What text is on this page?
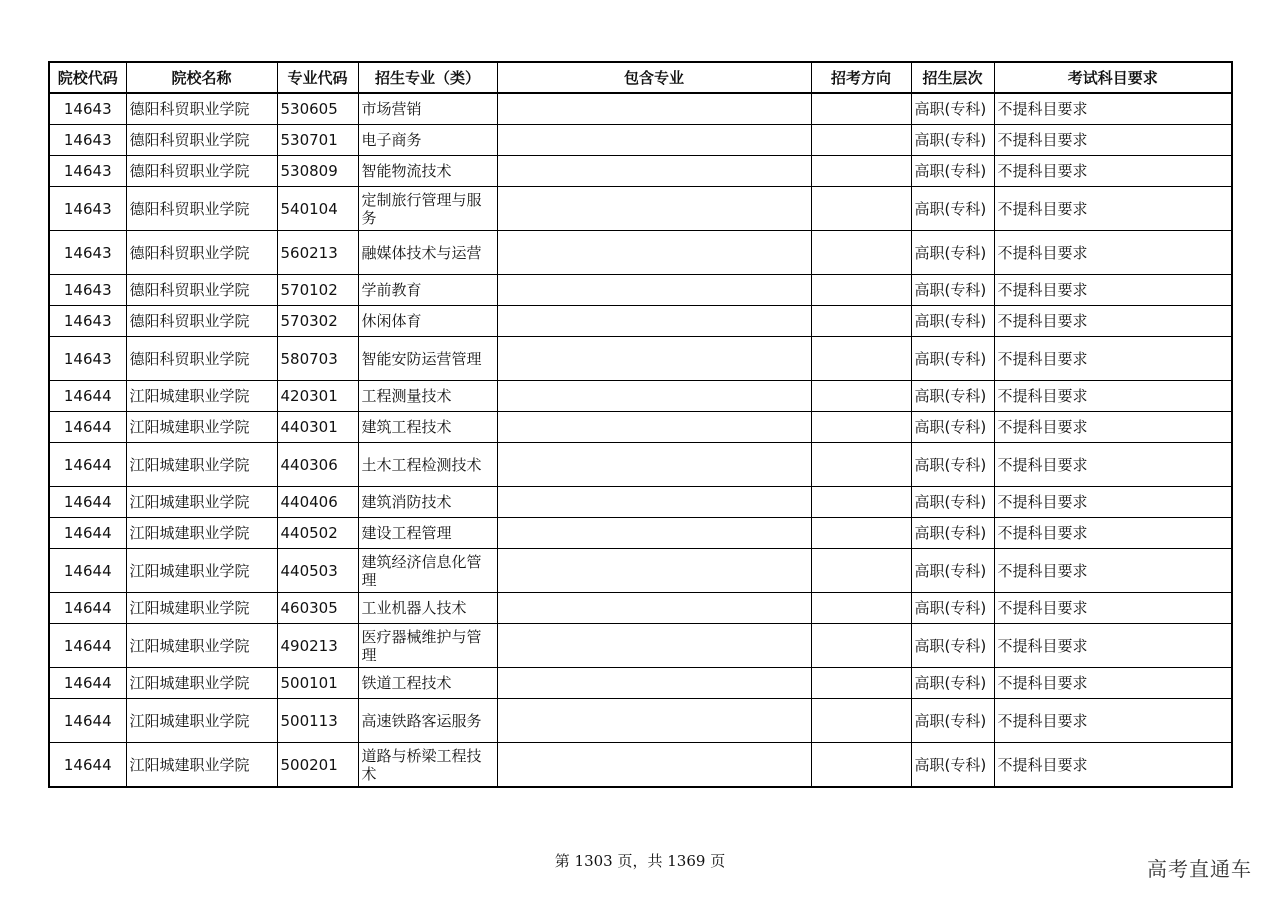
院校代码	院校名称	专业代码	招生专业（类）	包含专业	招考方向	招生层次	考试科目要求
14643	德阳科贸职业学院	530605	市场营销			高职(专科)	不提科目要求
14643	德阳科贸职业学院	530701	电子商务			高职(专科)	不提科目要求
14643	德阳科贸职业学院	530809	智能物流技术			高职(专科)	不提科目要求
14643	德阳科贸职业学院	540104	定制旅行管理与服务			高职(专科)	不提科目要求
14643	德阳科贸职业学院	560213	融媒体技术与运营			高职(专科)	不提科目要求
14643	德阳科贸职业学院	570102	学前教育			高职(专科)	不提科目要求
14643	德阳科贸职业学院	570302	休闲体育			高职(专科)	不提科目要求
14643	德阳科贸职业学院	580703	智能安防运营管理			高职(专科)	不提科目要求
14644	江阳城建职业学院	420301	工程测量技术			高职(专科)	不提科目要求
14644	江阳城建职业学院	440301	建筑工程技术			高职(专科)	不提科目要求
14644	江阳城建职业学院	440306	土木工程检测技术			高职(专科)	不提科目要求
14644	江阳城建职业学院	440406	建筑消防技术			高职(专科)	不提科目要求
14644	江阳城建职业学院	440502	建设工程管理			高职(专科)	不提科目要求
14644	江阳城建职业学院	440503	建筑经济信息化管理			高职(专科)	不提科目要求
14644	江阳城建职业学院	460305	工业机器人技术			高职(专科)	不提科目要求
14644	江阳城建职业学院	490213	医疗器械维护与管理			高职(专科)	不提科目要求
14644	江阳城建职业学院	500101	铁道工程技术			高职(专科)	不提科目要求
14644	江阳城建职业学院	500113	高速铁路客运服务			高职(专科)	不提科目要求
14644	江阳城建职业学院	500201	道路与桥梁工程技术			高职(专科)	不提科目要求
第 1303 页，共 1369 页	高考直通车
